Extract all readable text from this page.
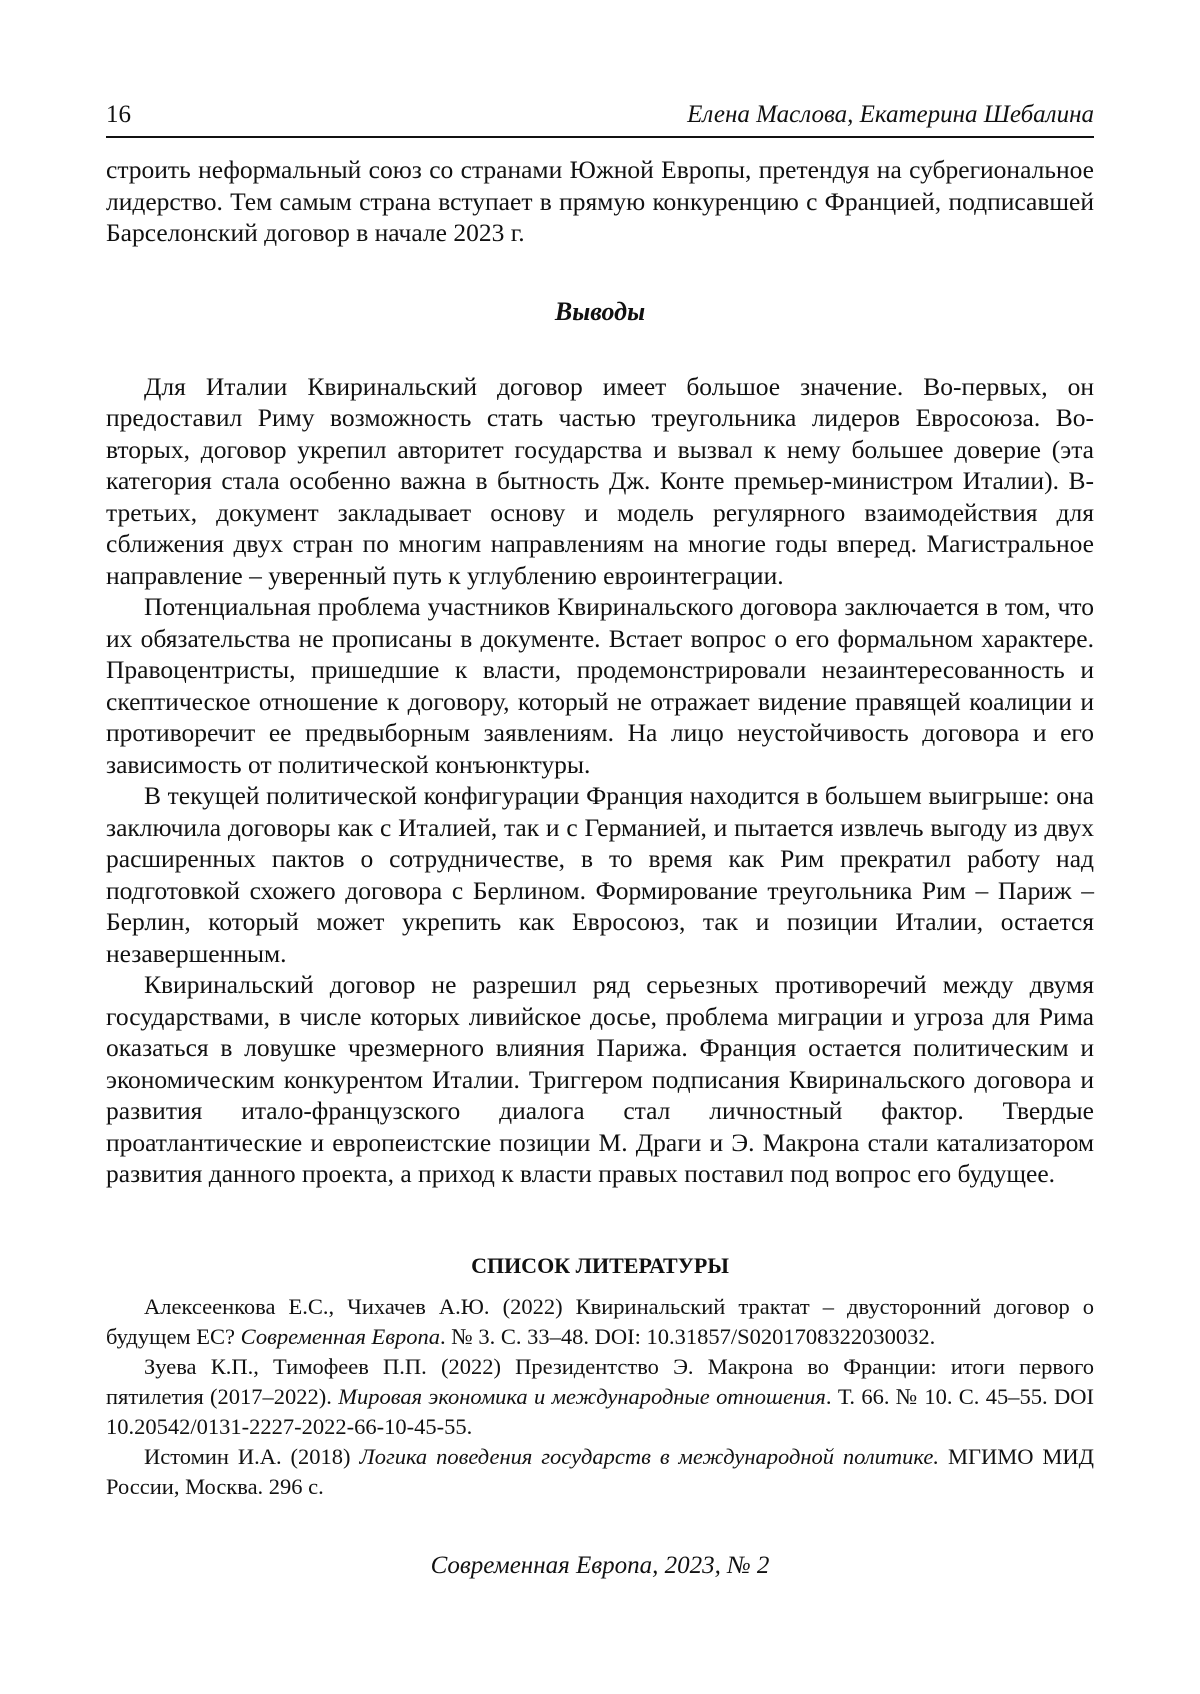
16	Елена Маслова, Екатерина Шебалина

строить неформальный союз со странами Южной Европы, претендуя на субрегиональное лидерство. Тем самым страна вступает в прямую конкуренцию с Францией, подписавшей Барселонский договор в начале 2023 г.

Выводы

Для Италии Квиринальский договор имеет большое значение. Во-первых, он предоставил Риму возможность стать частью треугольника лидеров Евросоюза. Во-вторых, договор укрепил авторитет государства и вызвал к нему большее доверие (эта категория стала особенно важна в бытность Дж. Конте премьер-министром Италии). В-третьих, документ закладывает основу и модель регулярного взаимодействия для сближения двух стран по многим направлениям на многие годы вперед. Магистральное направление – уверенный путь к углублению евроинтеграции.

Потенциальная проблема участников Квиринальского договора заключается в том, что их обязательства не прописаны в документе. Встает вопрос о его формальном характере. Правоцентристы, пришедшие к власти, продемонстрировали незаинтересованность и скептическое отношение к договору, который не отражает видение правящей коалиции и противоречит ее предвыборным заявлениям. На лицо неустойчивость договора и его зависимость от политической конъюнктуры.

В текущей политической конфигурации Франция находится в большем выигрыше: она заключила договоры как с Италией, так и с Германией, и пытается извлечь выгоду из двух расширенных пактов о сотрудничестве, в то время как Рим прекратил работу над подготовкой схожего договора с Берлином. Формирование треугольника Рим – Париж – Берлин, который может укрепить как Евросоюз, так и позиции Италии, остается незавершенным.

Квиринальский договор не разрешил ряд серьезных противоречий между двумя государствами, в числе которых ливийское досье, проблема миграции и угроза для Рима оказаться в ловушке чрезмерного влияния Парижа. Франция остается политическим и экономическим конкурентом Италии. Триггером подписания Квиринальского договора и развития итало-французского диалога стал личностный фактор. Твердые проатлантические и европеистские позиции М. Драги и Э. Макрона стали катализатором развития данного проекта, а приход к власти правых поставил под вопрос его будущее.

СПИСОК ЛИТЕРАТУРЫ

Алексеенкова Е.С., Чихачев А.Ю. (2022) Квиринальский трактат – двусторонний договор о будущем ЕС? Современная Европа. № 3. С. 33–48. DOI: 10.31857/S0201708322030032.

Зуева К.П., Тимофеев П.П. (2022) Президентство Э. Макрона во Франции: итоги первого пятилетия (2017–2022). Мировая экономика и международные отношения. Т. 66. № 10. С. 45–55. DOI 10.20542/0131-2227-2022-66-10-45-55.

Истомин И.А. (2018) Логика поведения государств в международной политике. МГИМО МИД России, Москва. 296 с.

Современная Европа, 2023, № 2
